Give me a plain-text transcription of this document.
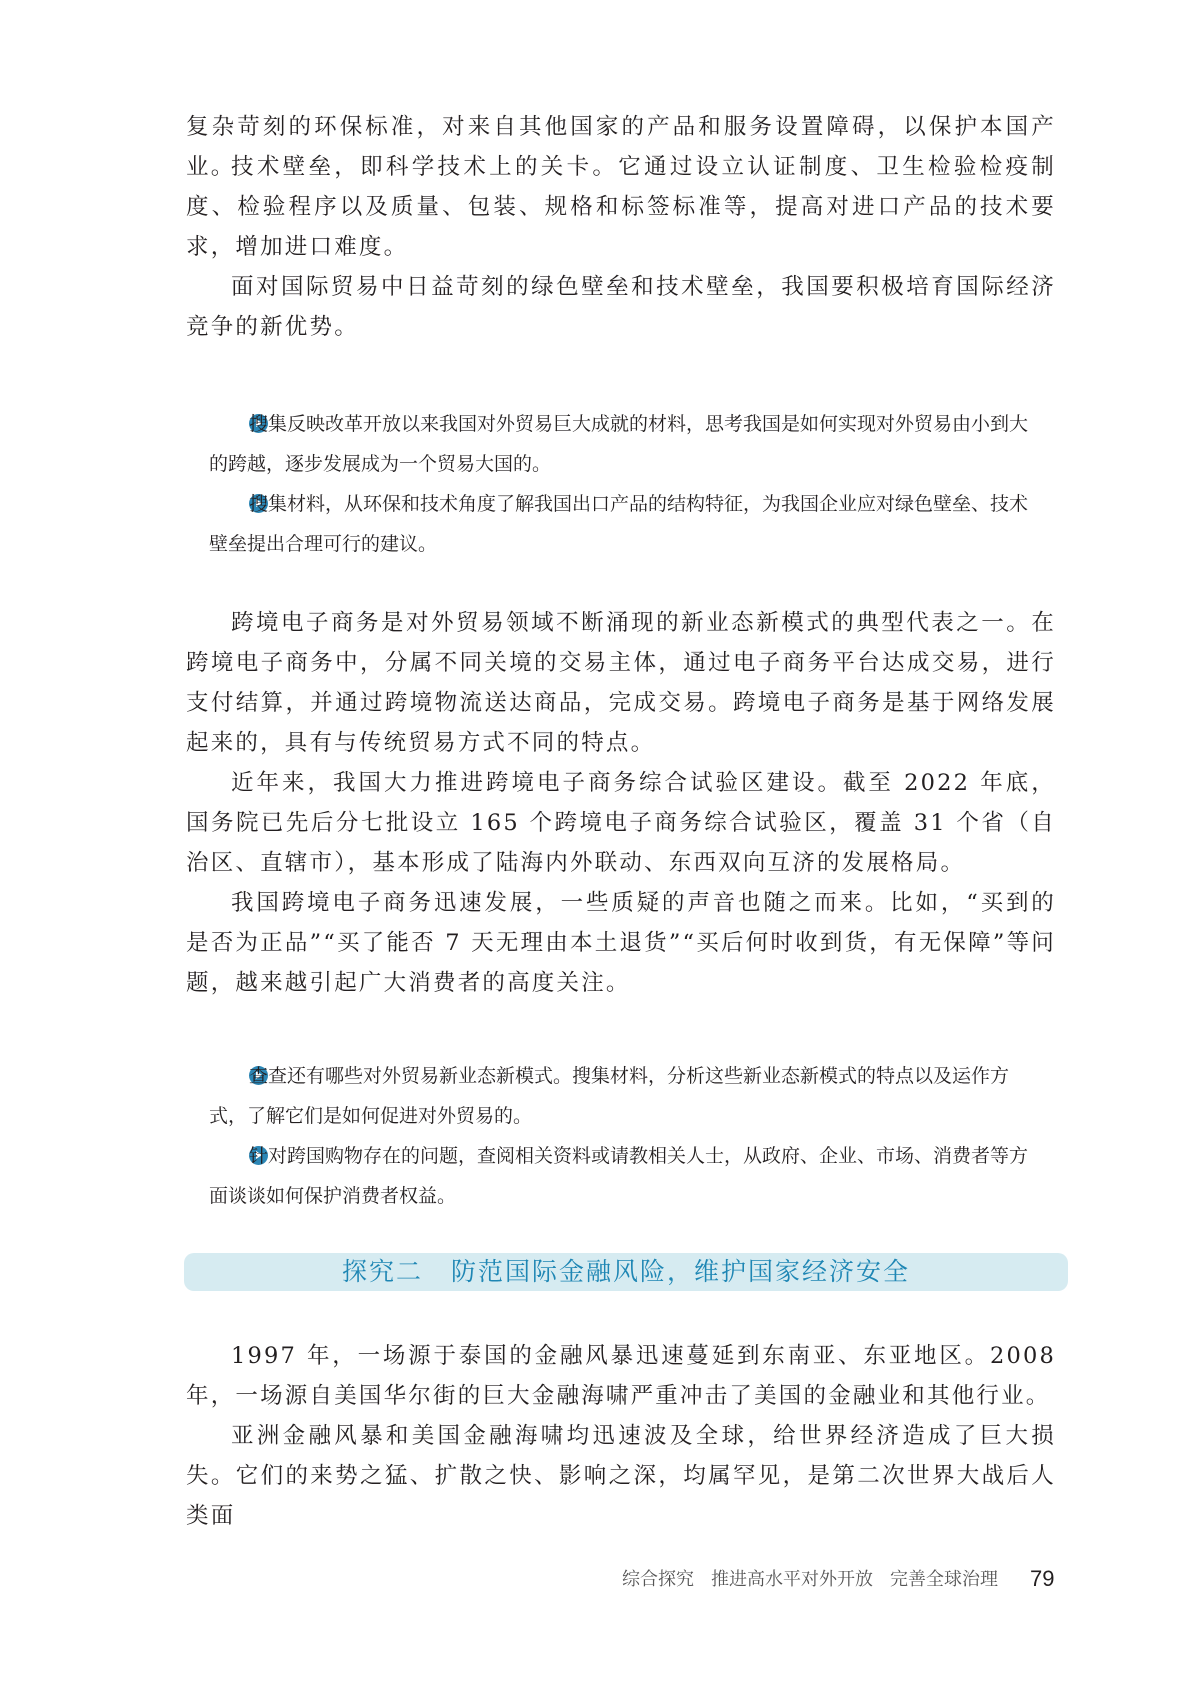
复杂苛刻的环保标准，对来自其他国家的产品和服务设置障碍，以保护本国产业。

技术壁垒，即科学技术上的关卡。它通过设立认证制度、卫生检验检疫制度、检验程序以及质量、包装、规格和标签标准等，提高对进口产品的技术要求，增加进口难度。

面对国际贸易中日益苛刻的绿色壁垒和技术壁垒，我国要积极培育国际经济竞争的新优势。

搜集反映改革开放以来我国对外贸易巨大成就的材料，思考我国是如何实现对外贸易由小到大的跨越，逐步发展成为一个贸易大国的。

搜集材料，从环保和技术角度了解我国出口产品的结构特征，为我国企业应对绿色壁垒、技术壁垒提出合理可行的建议。

跨境电子商务是对外贸易领域不断涌现的新业态新模式的典型代表之一。在跨境电子商务中，分属不同关境的交易主体，通过电子商务平台达成交易，进行支付结算，并通过跨境物流送达商品，完成交易。跨境电子商务是基于网络发展起来的，具有与传统贸易方式不同的特点。

近年来，我国大力推进跨境电子商务综合试验区建设。截至 2022 年底，国务院已先后分七批设立 165 个跨境电子商务综合试验区，覆盖 31 个省（自治区、直辖市），基本形成了陆海内外联动、东西双向互济的发展格局。

我国跨境电子商务迅速发展，一些质疑的声音也随之而来。比如，“买到的是否为正品”“买了能否 7 天无理由本土退货”“买后何时收到货，有无保障”等问题，越来越引起广大消费者的高度关注。

查查还有哪些对外贸易新业态新模式。搜集材料，分析这些新业态新模式的特点以及运作方式，了解它们是如何促进对外贸易的。

针对跨国购物存在的问题，查阅相关资料或请教相关人士，从政府、企业、市场、消费者等方面谈谈如何保护消费者权益。

探究二 防范国际金融风险，维护国家经济安全

1997 年，一场源于泰国的金融风暴迅速蔓延到东南亚、东亚地区。2008 年，一场源自美国华尔街的巨大金融海啸严重冲击了美国的金融业和其他行业。

亚洲金融风暴和美国金融海啸均迅速波及全球，给世界经济造成了巨大损失。它们的来势之猛、扩散之快、影响之深，均属罕见，是第二次世界大战后人类面

综合探究 推进高水平对外开放 完善全球治理 79
